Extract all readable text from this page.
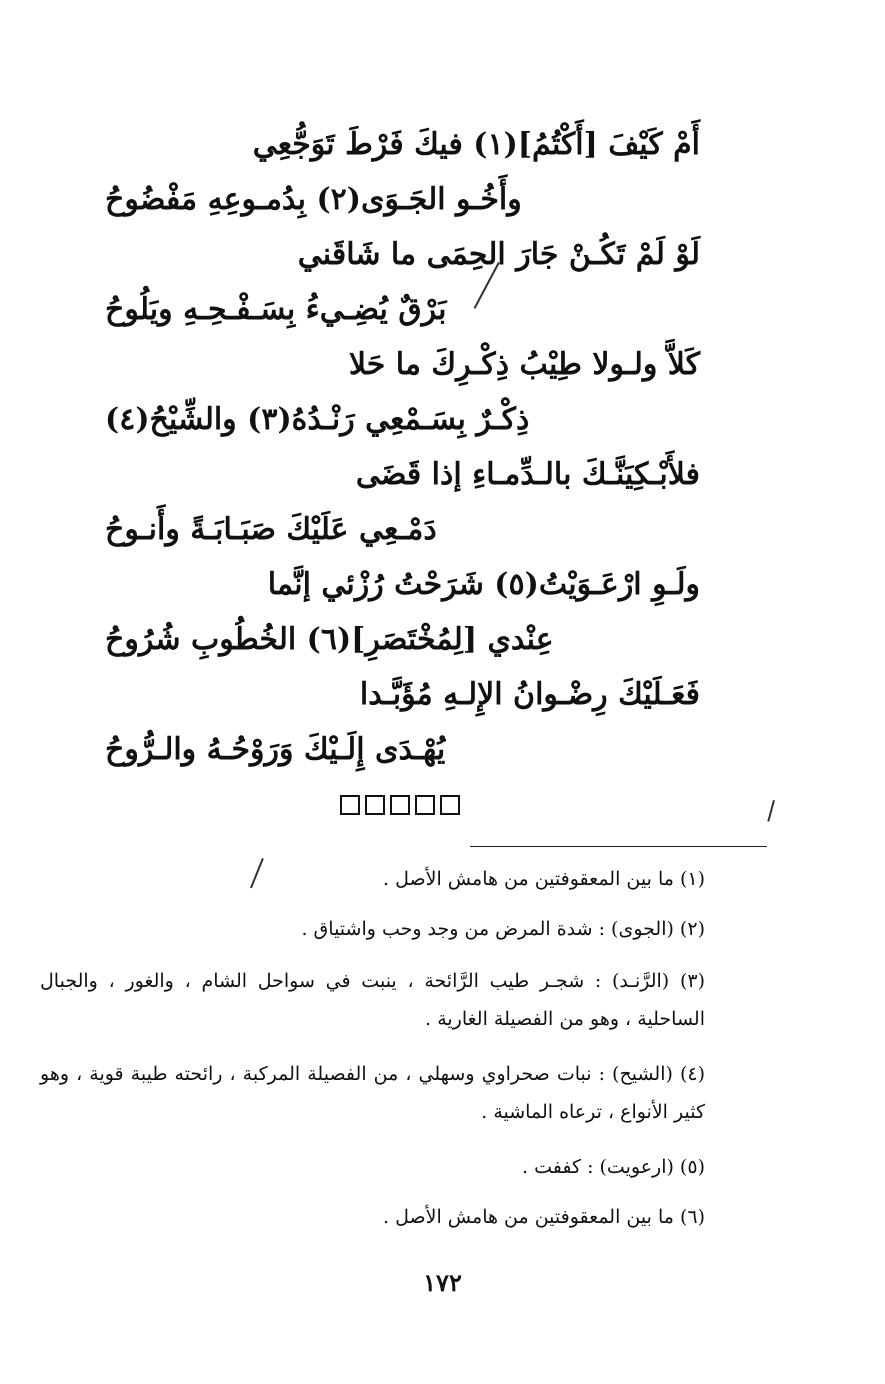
أَمْ كَيْفَ [أَكْتُمُ](١) فيكَ فَرْطَ تَوَجُّعِي
وأَخُـو الجَـوَى(٢) بِدُمـوعِهِ مَفْضُوحُ
لَوْ لَمْ تَكُـنْ جَارَ الحِمَى ما شَاقَني
بَرْقٌ يُضِـيءُ بِسَـفْـحِـهِ ويَلُوحُ
كَلاَّ ولـولا طِيْبُ ذِكْـرِكَ ما حَلا
ذِكْـرٌ بِسَـمْعِي رَنْـدُهُ(٣) والشِّيْحُ(٤)
فلأَبْـكِيَنَّـكَ بالـدِّمـاءِ إذا قَضَى
دَمْـعِي عَلَيْكَ صَبَـابَـةً وأَنـوحُ
ولَـوِ ارْعَـوَيْتُ(٥) شَرَحْتُ رُزْئي إنَّما
عِنْدي [لِمُخْتَصَرِ](٦) الخُطُوبِ شُرُوحُ
فَعَـلَيْكَ رِضْـوانُ الإِلـهِ مُؤَبَّـدا
يُهْـدَى إِلَـيْكَ وَرَوْحُـهُ والـرُّوحُ
(١) ما بين المعقوفتين من هامش الأصل .
(٢) (الجوى) : شدة المرض من وجد وحب واشتياق .
(٣) (الرَّنـد) : شجـر طيب الرَّائحة ، ينبت في سواحل الشام ، والغور ، والجبال الساحلية ، وهو من الفصيلة الغارية .
(٤) (الشيح) : نبات صحراوي وسهلي ، من الفصيلة المركبة ، رائحته طيبة قوية ، وهو كثير الأنواع ، ترعاه الماشية .
(٥) (ارعويت) : كففت .
(٦) ما بين المعقوفتين من هامش الأصل .
١٧٢
